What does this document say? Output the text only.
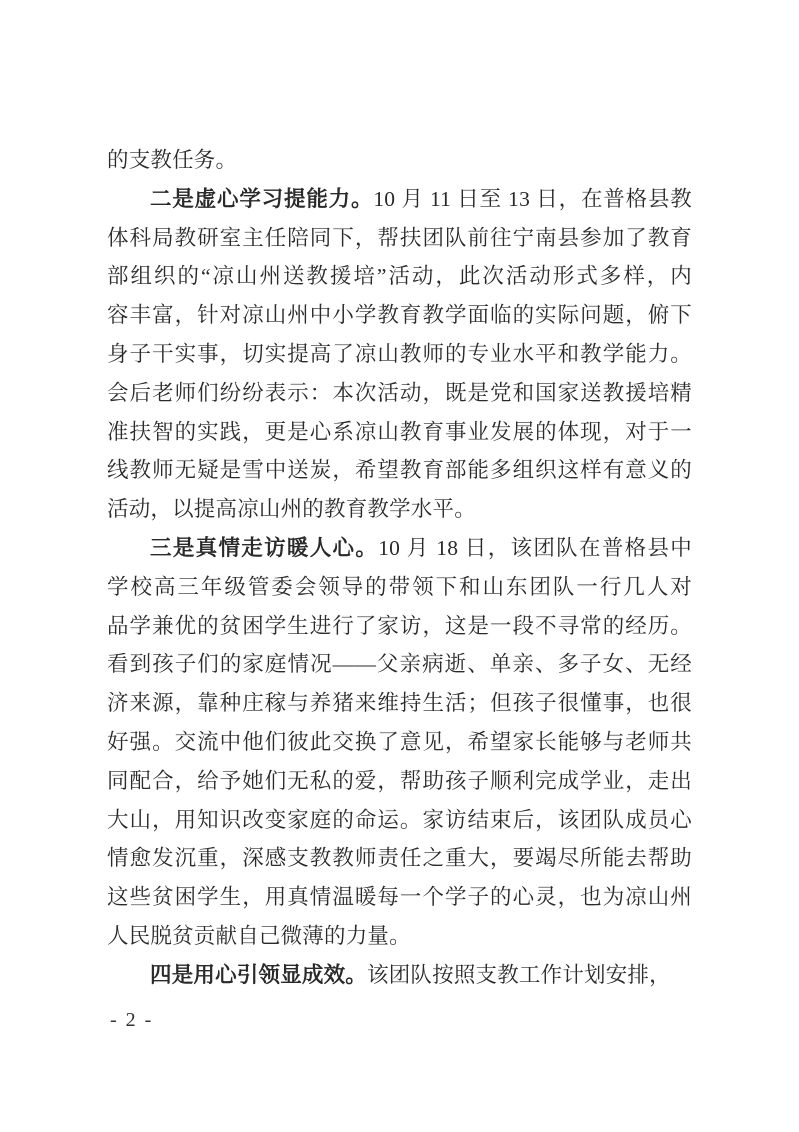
的支教任务。
二是虚心学习提能力。10 月 11 日至 13 日，在普格县教
体科局教研室主任陪同下，帮扶团队前往宁南县参加了教育
部组织的“凉山州送教援培”活动，此次活动形式多样，内
容丰富，针对凉山州中小学教育教学面临的实际问题，俯下
身子干实事，切实提高了凉山教师的专业水平和教学能力。
会后老师们纷纷表示：本次活动，既是党和国家送教援培精
准扶智的实践，更是心系凉山教育事业发展的体现，对于一
线教师无疑是雪中送炭，希望教育部能多组织这样有意义的
活动，以提高凉山州的教育教学水平。
三是真情走访暖人心。10 月 18 日，该团队在普格县中
学校高三年级管委会领导的带领下和山东团队一行几人对
品学兼优的贫困学生进行了家访，这是一段不寻常的经历。
看到孩子们的家庭情况——父亲病逝、单亲、多子女、无经
济来源，靠种庄稼与养猪来维持生活；但孩子很懂事，也很
好强。交流中他们彼此交换了意见，希望家长能够与老师共
同配合，给予她们无私的爱，帮助孩子顺利完成学业，走出
大山，用知识改变家庭的命运。家访结束后，该团队成员心
情愈发沉重，深感支教教师责任之重大，要竭尽所能去帮助
这些贫困学生，用真情温暖每一个学子的心灵，也为凉山州
人民脱贫贡献自己微薄的力量。
四是用心引领显成效。该团队按照支教工作计划安排，
- 2 -
